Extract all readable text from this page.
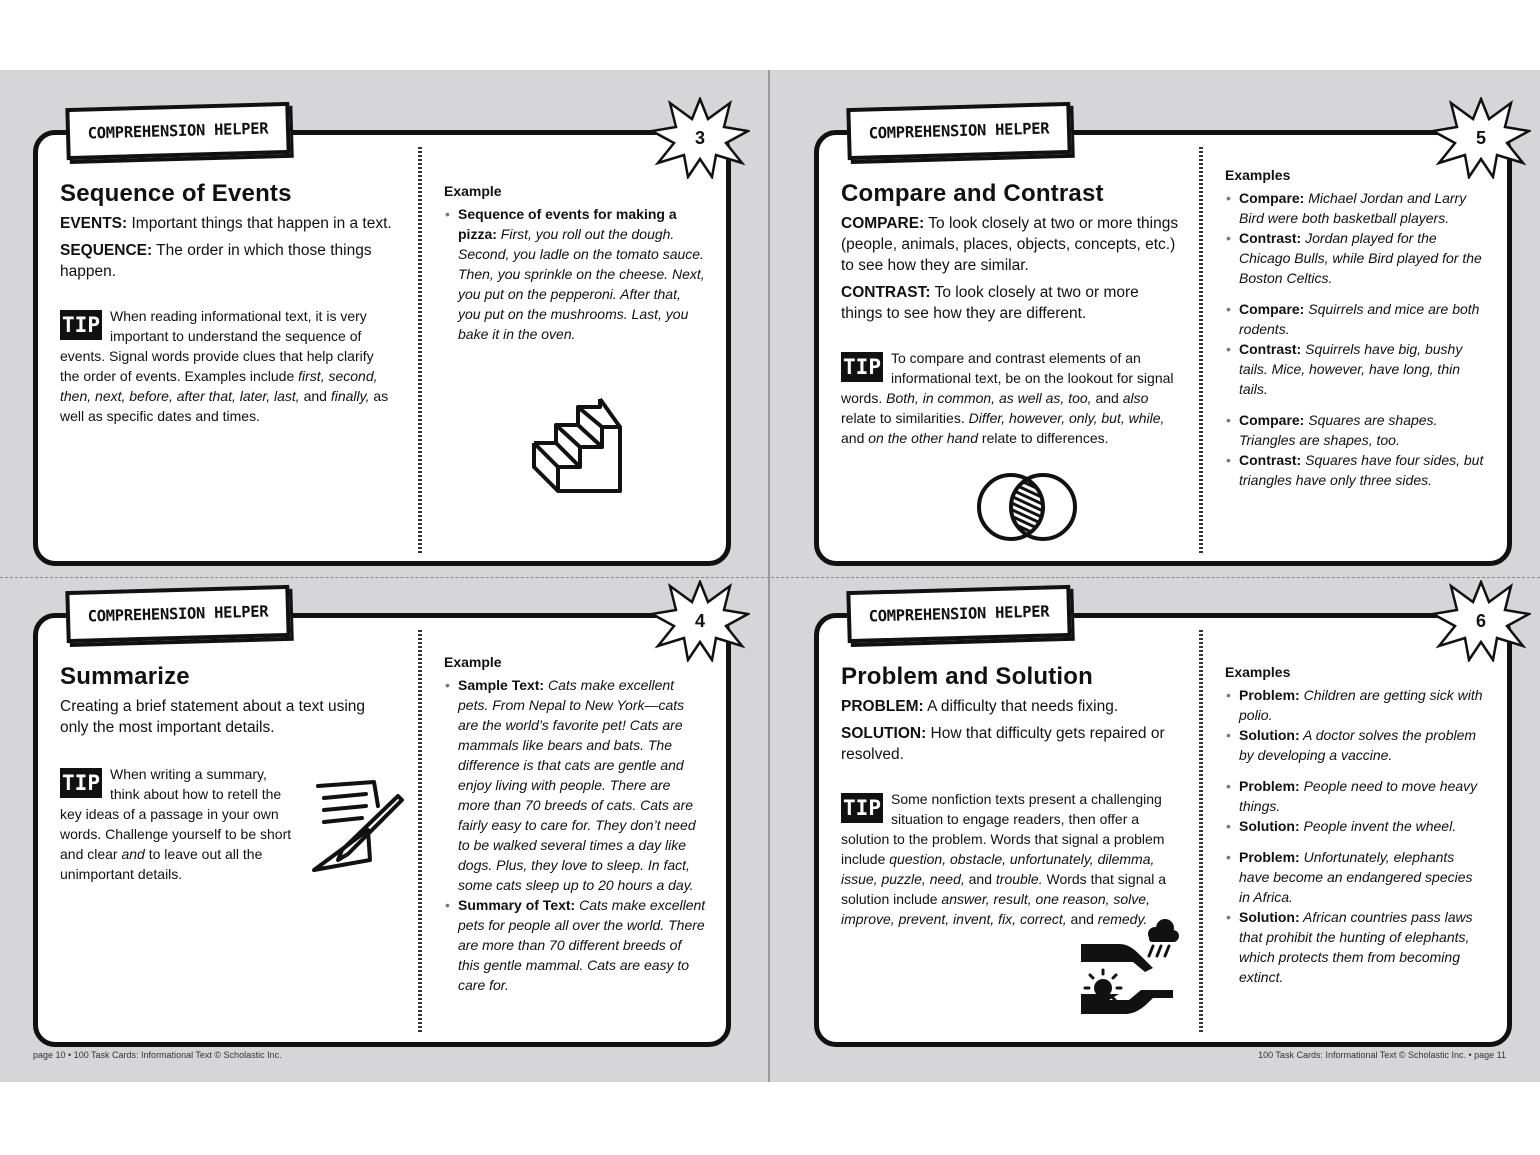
COMPREHENSION HELPER	3
Sequence of Events

EVENTS: Important things that happen in a text.

SEQUENCE: The order in which those things happen.

TIP When reading informational text, it is very important to understand the sequence of events. Signal words provide clues that help clarify the order of events. Examples include first, second, then, next, before, after that, later, last, and finally, as well as specific dates and times.
Example
• Sequence of events for making a pizza: First, you roll out the dough. Second, you ladle on the tomato sauce. Then, you sprinkle on the cheese. Next, you put on the pepperoni. After that, you put on the mushrooms. Last, you bake it in the oven.
COMPREHENSION HELPER	5
Compare and Contrast

COMPARE: To look closely at two or more things (people, animals, places, objects, concepts, etc.) to see how they are similar.

CONTRAST: To look closely at two or more things to see how they are different.

TIP To compare and contrast elements of an informational text, be on the lookout for signal words. Both, in common, as well as, too, and also relate to similarities. Differ, however, only, but, while, and on the other hand relate to differences.
Examples
• Compare: Michael Jordan and Larry Bird were both basketball players.
• Contrast: Jordan played for the Chicago Bulls, while Bird played for the Boston Celtics.
• Compare: Squirrels and mice are both rodents.
• Contrast: Squirrels have big, bushy tails. Mice, however, have long, thin tails.
• Compare: Squares are shapes. Triangles are shapes, too.
• Contrast: Squares have four sides, but triangles have only three sides.
COMPREHENSION HELPER	4
Summarize

Creating a brief statement about a text using only the most important details.

TIP When writing a summary, think about how to retell the key ideas of a passage in your own words. Challenge yourself to be short and clear and to leave out all the unimportant details.
Example
• Sample Text: Cats make excellent pets. From Nepal to New York—cats are the world’s favorite pet! Cats are mammals like bears and bats. The difference is that cats are gentle and enjoy living with people. There are more than 70 breeds of cats. Cats are fairly easy to care for. They don’t need to be walked several times a day like dogs. Plus, they love to sleep. In fact, some cats sleep up to 20 hours a day.
• Summary of Text: Cats make excellent pets for people all over the world. There are more than 70 different breeds of this gentle mammal. Cats are easy to care for.
COMPREHENSION HELPER	6
Problem and Solution

PROBLEM: A difficulty that needs fixing.

SOLUTION: How that difficulty gets repaired or resolved.

TIP Some nonfiction texts present a challenging situation to engage readers, then offer a solution to the problem. Words that signal a problem include question, obstacle, unfortunately, dilemma, issue, puzzle, need, and trouble. Words that signal a solution include answer, result, one reason, solve, improve, prevent, invent, fix, correct, and remedy.
Examples
• Problem: Children are getting sick with polio.
• Solution: A doctor solves the problem by developing a vaccine.
• Problem: People need to move heavy things.
• Solution: People invent the wheel.
• Problem: Unfortunately, elephants have become an endangered species in Africa.
• Solution: African countries pass laws that prohibit the hunting of elephants, which protects them from becoming extinct.
page 10 • 100 Task Cards: Informational Text © Scholastic Inc.	100 Task Cards: Informational Text © Scholastic Inc. • page 11
